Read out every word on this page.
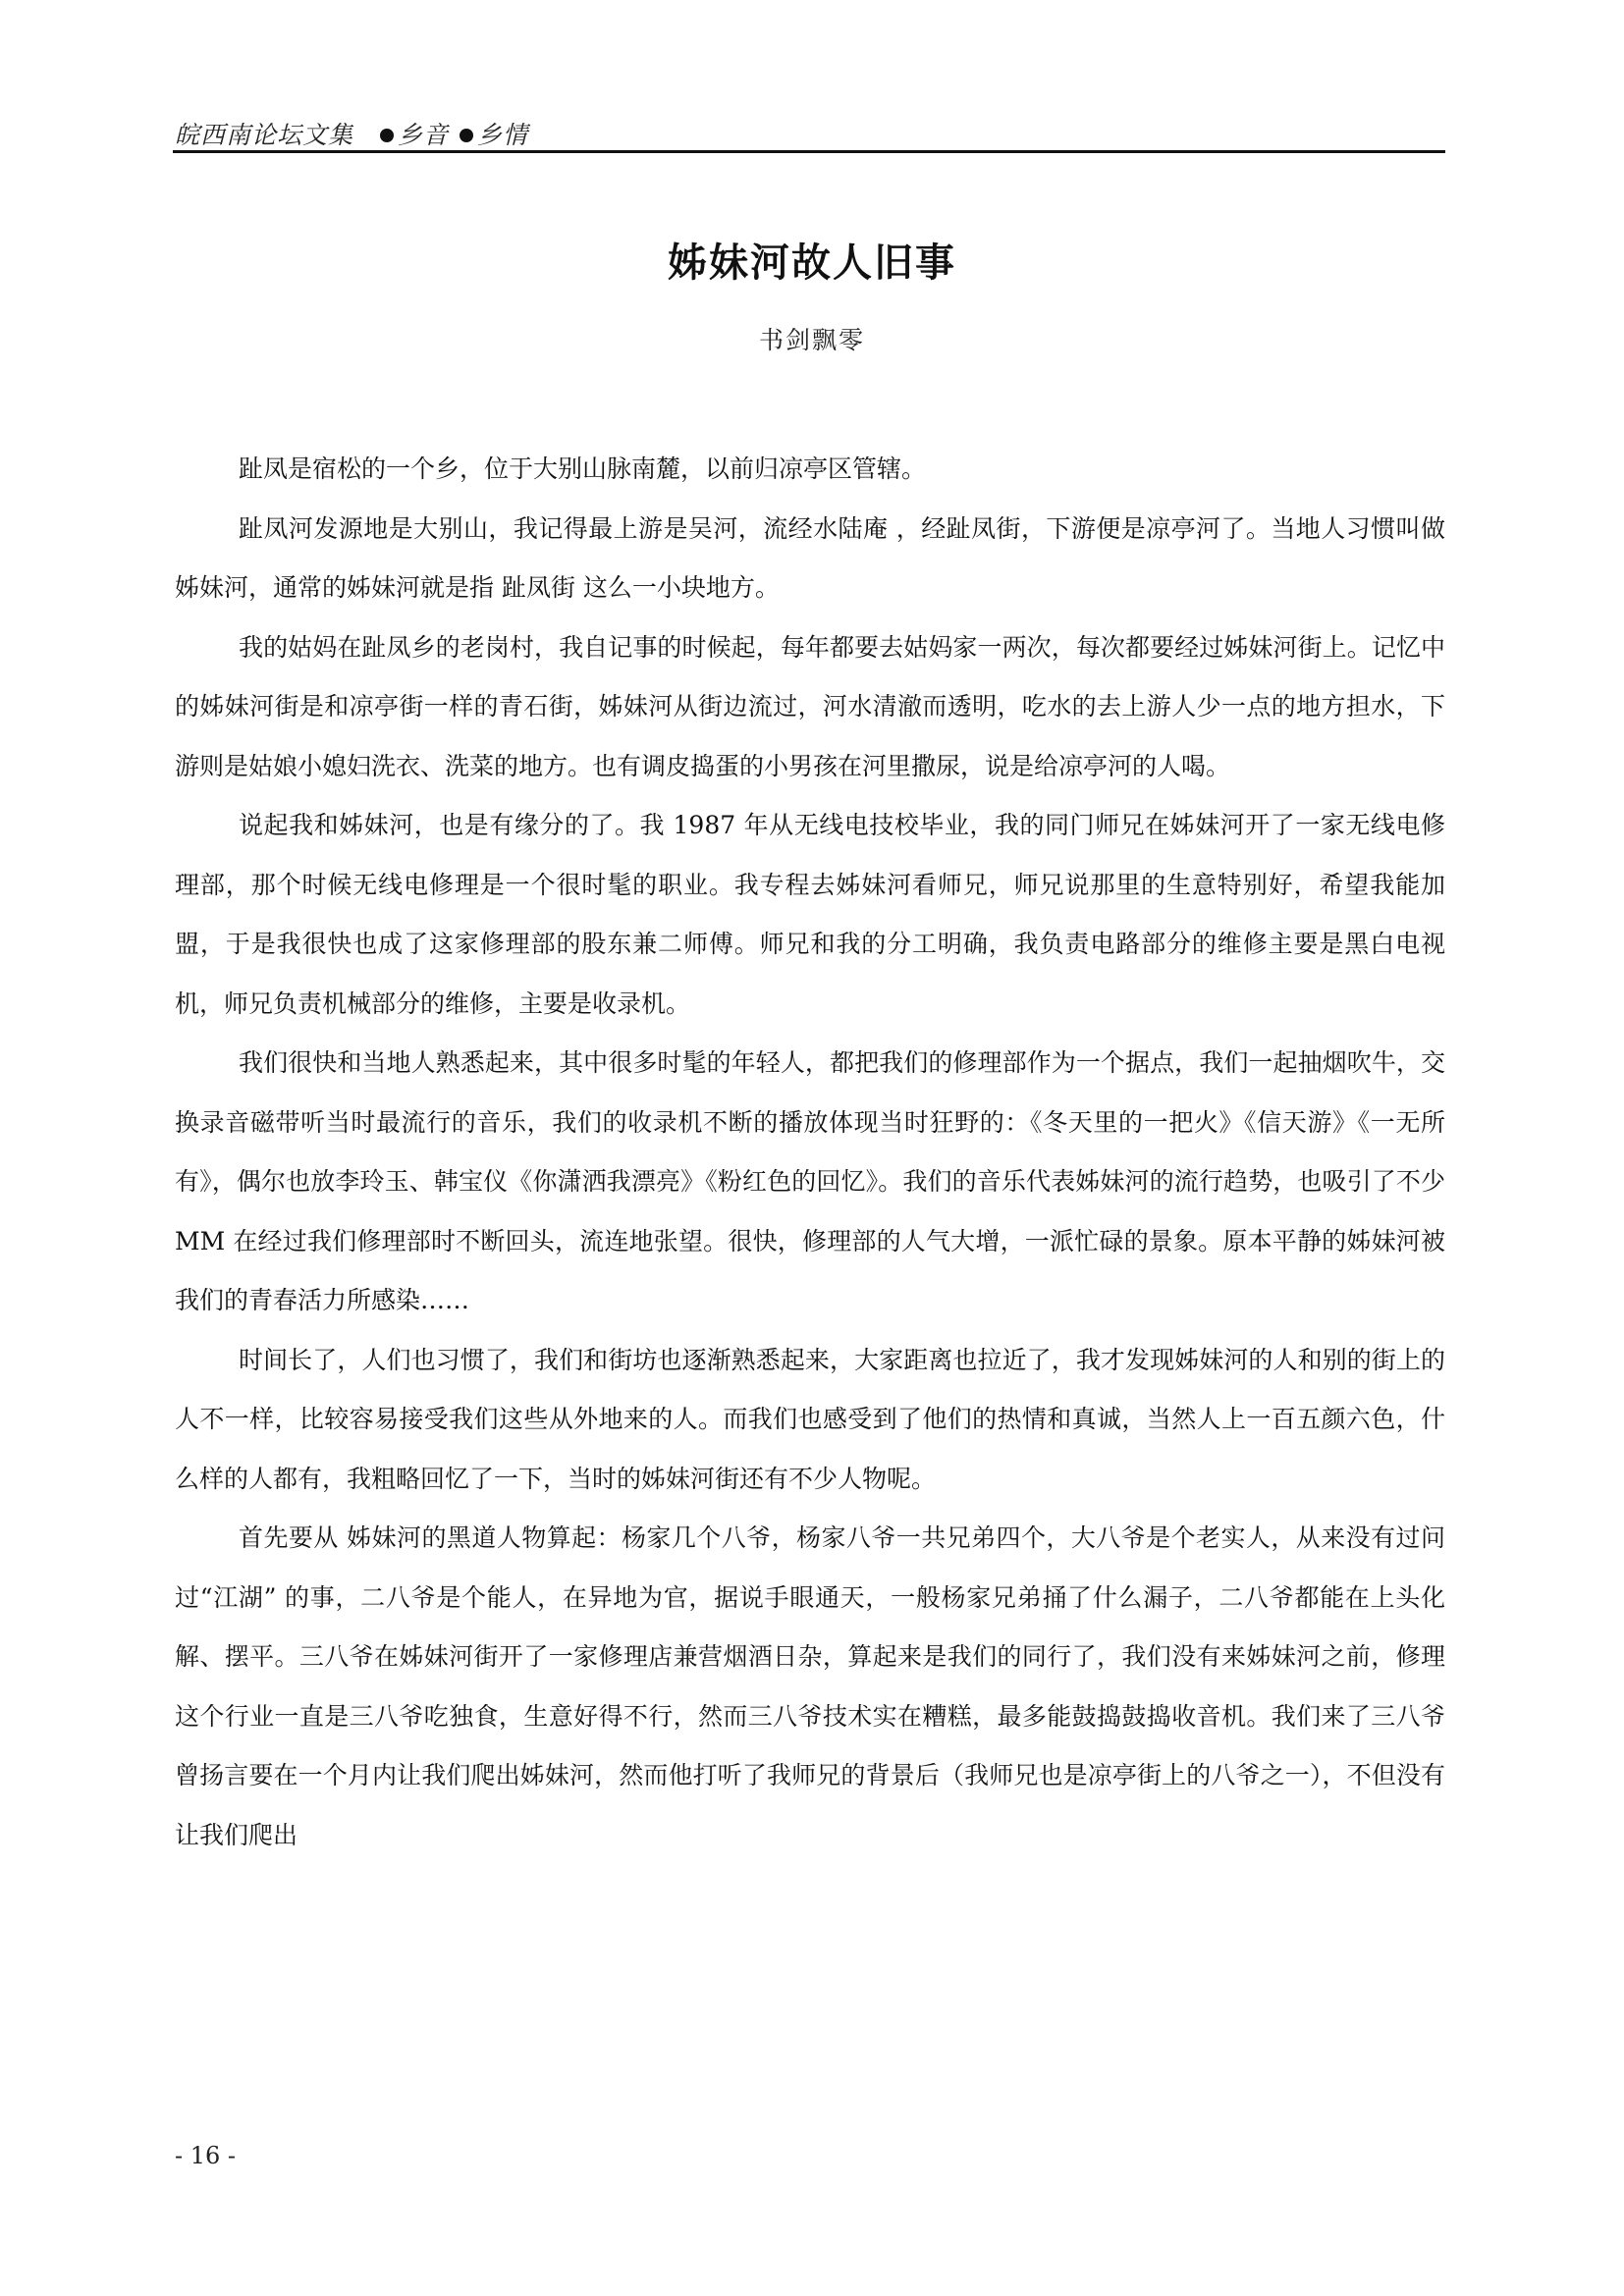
皖西南论坛文集 乡音 乡情
姊妹河故人旧事
书剑飘零

趾凤是宿松的一个乡，位于大别山脉南麓，以前归凉亭区管辖。

趾凤河发源地是大别山，我记得最上游是吴河，流经水陆庵 ，经趾凤街，下游便是凉亭河了。当地人习惯叫做姊妹河，通常的姊妹河就是指 趾凤街 这么一小块地方。

我的姑妈在趾凤乡的老岗村，我自记事的时候起，每年都要去姑妈家一两次，每次都要经过姊妹河街上。记忆中的姊妹河街是和凉亭街一样的青石街，姊妹河从街边流过，河水清澈而透明，吃水的去上游人少一点的地方担水，下游则是姑娘小媳妇洗衣、洗菜的地方。也有调皮捣蛋的小男孩在河里撒尿，说是给凉亭河的人喝。

说起我和姊妹河，也是有缘分的了。我 1987 年从无线电技校毕业，我的同门师兄在姊妹河开了一家无线电修理部，那个时候无线电修理是一个很时髦的职业。我专程去姊妹河看师兄，师兄说那里的生意特别好，希望我能加盟，于是我很快也成了这家修理部的股东兼二师傅。师兄和我的分工明确，我负责电路部分的维修主要是黑白电视机，师兄负责机械部分的维修，主要是收录机。

我们很快和当地人熟悉起来，其中很多时髦的年轻人，都把我们的修理部作为一个据点，我们一起抽烟吹牛，交换录音磁带听当时最流行的音乐，我们的收录机不断的播放体现当时狂野的：《冬天里的一把火》《信天游》《一无所有》，偶尔也放李玲玉、韩宝仪《你潇洒我漂亮》《粉红色的回忆》。我们的音乐代表姊妹河的流行趋势，也吸引了不少 MM 在经过我们修理部时不断回头，流连地张望。很快，修理部的人气大增，一派忙碌的景象。原本平静的姊妹河被我们的青春活力所感染……

时间长了，人们也习惯了，我们和街坊也逐渐熟悉起来，大家距离也拉近了，我才发现姊妹河的人和别的街上的人不一样，比较容易接受我们这些从外地来的人。而我们也感受到了他们的热情和真诚，当然人上一百五颜六色，什么样的人都有，我粗略回忆了一下，当时的姊妹河街还有不少人物呢。

首先要从 姊妹河的黑道人物算起：杨家几个八爷，杨家八爷一共兄弟四个，大八爷是个老实人，从来没有过问过“江湖” 的事，二八爷是个能人，在异地为官，据说手眼通天，一般杨家兄弟捅了什么漏子，二八爷都能在上头化解、摆平。三八爷在姊妹河街开了一家修理店兼营烟酒日杂，算起来是我们的同行了，我们没有来姊妹河之前，修理这个行业一直是三八爷吃独食，生意好得不行，然而三八爷技术实在糟糕，最多能鼓捣鼓捣收音机。我们来了三八爷曾扬言要在一个月内让我们爬出姊妹河，然而他打听了我师兄的背景后（我师兄也是凉亭街上的八爷之一），不但没有让我们爬出

- 16 -
